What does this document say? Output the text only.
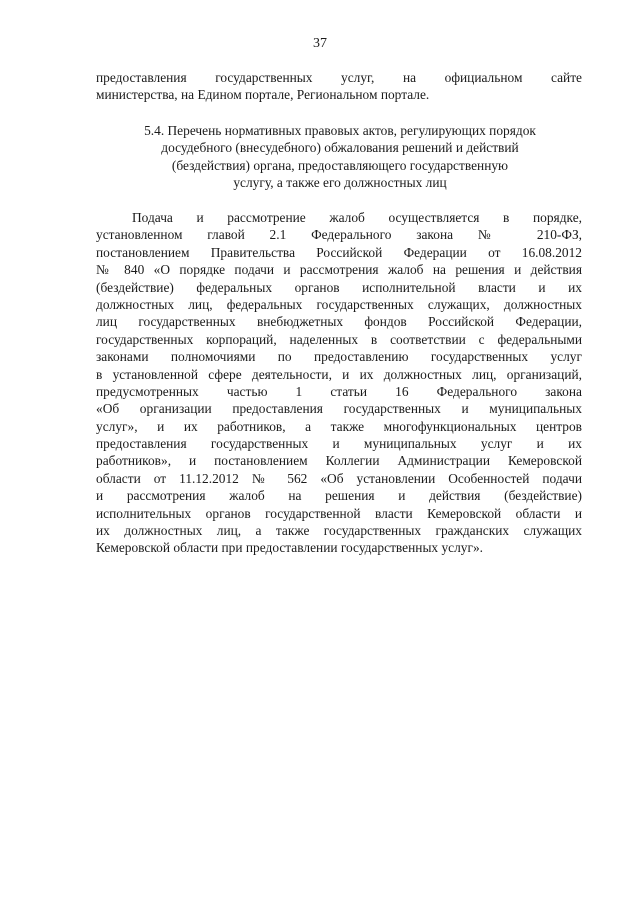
37
предоставления государственных услуг, на официальном сайте
министерства, на Едином портале, Региональном портале.
5.4. Перечень нормативных правовых актов, регулирующих порядок
досудебного (внесудебного) обжалования решений и действий
(бездействия) органа, предоставляющего государственную
услугу, а также его должностных лиц
Подача и рассмотрение жалоб осуществляется в порядке,
установленном главой 2.1 Федерального закона № 210-ФЗ,
постановлением Правительства Российской Федерации от 16.08.2012
№ 840 «О порядке подачи и рассмотрения жалоб на решения и действия
(бездействие) федеральных органов исполнительной власти и их
должностных лиц, федеральных государственных служащих, должностных
лиц государственных внебюджетных фондов Российской Федерации,
государственных корпораций, наделенных в соответствии с федеральными
законами полномочиями по предоставлению государственных услуг
в установленной сфере деятельности, и их должностных лиц, организаций,
предусмотренных частью 1 статьи 16 Федерального закона
«Об организации предоставления государственных и муниципальных
услуг», и их работников, а также многофункциональных центров
предоставления государственных и муниципальных услуг и их
работников», и постановлением Коллегии Администрации Кемеровской
области от 11.12.2012 № 562 «Об установлении Особенностей подачи
и рассмотрения жалоб на решения и действия (бездействие)
исполнительных органов государственной власти Кемеровской области и
их должностных лиц, а также государственных гражданских служащих
Кемеровской области при предоставлении государственных услуг».
